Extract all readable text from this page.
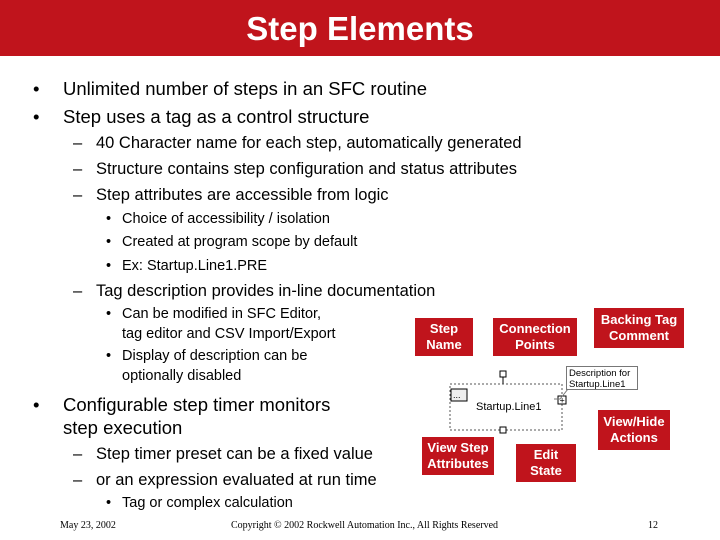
Step Elements
• Unlimited number of steps in an SFC routine
• Step uses a tag as a control structure
– 40 Character name for each step, automatically generated
– Structure contains step configuration and status attributes
– Step attributes are accessible from logic
• Choice of accessibility / isolation
• Created at program scope by default
• Ex: Startup.Line1.PRE
– Tag description provides in-line documentation
• Can be modified in SFC Editor,
tag editor and CSV Import/Export
• Display of description can be
optionally disabled
• Configurable step timer monitors
step execution
– Step timer preset can be a fixed value
– or an expression evaluated at run time
• Tag or complex calculation
...
Startup.Line1
+
Description for
Startup.Line1
Step
Name
Connection
Points
Backing Tag
Comment
View/Hide
Actions
View Step
Attributes
Edit
State
May 23, 2002	Copyright © 2002 Rockwell Automation Inc., All Rights Reserved	12
